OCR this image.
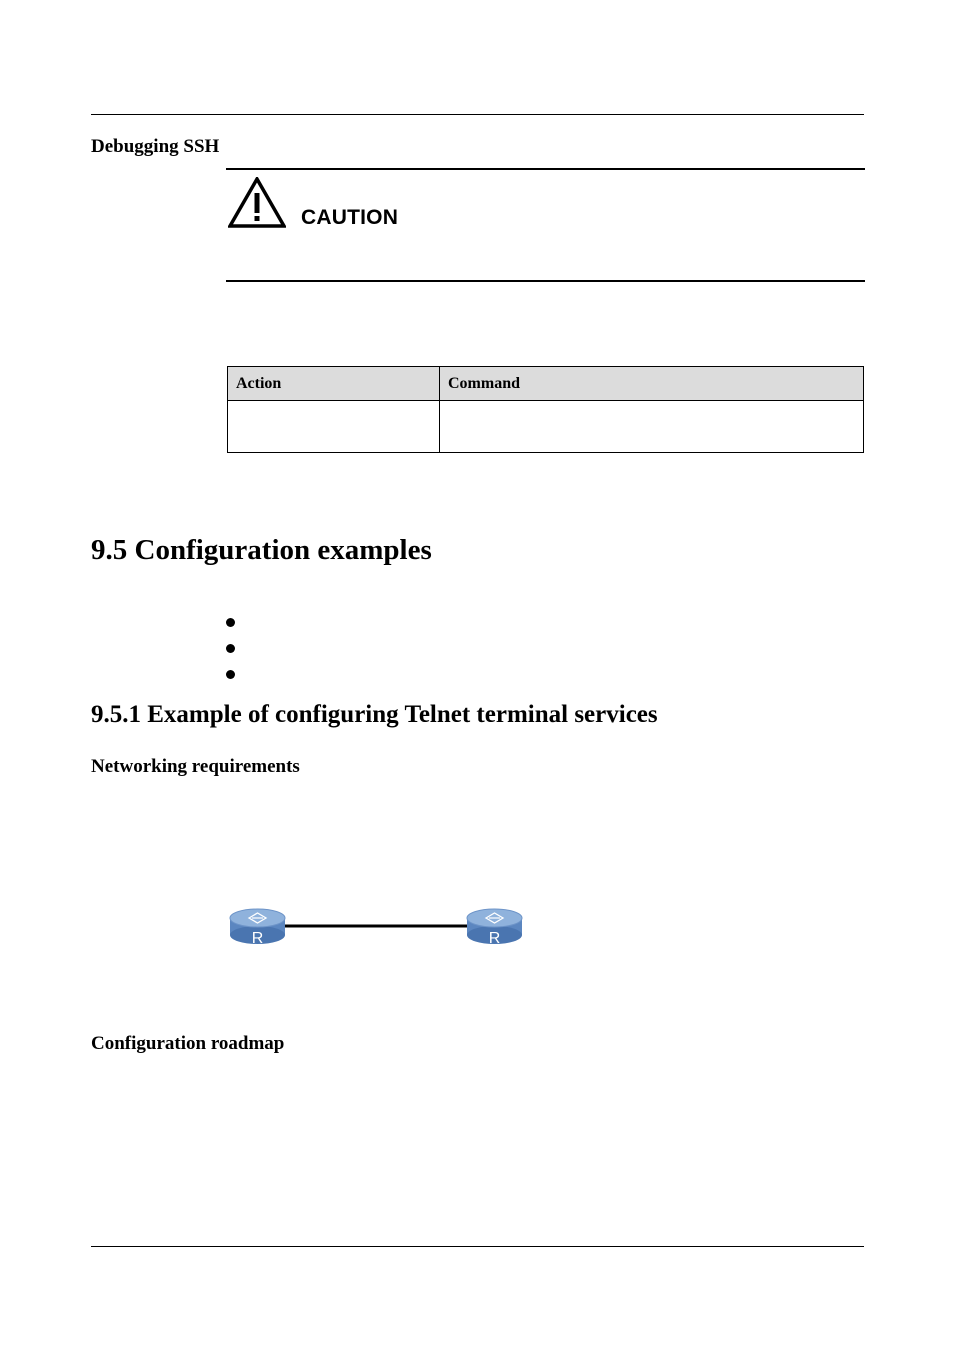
Debugging SSH
CAUTION
Action	Command

9.5 Configuration examples
9.5.1 Example of configuring Telnet terminal services
Networking requirements
R	R
Configuration roadmap
